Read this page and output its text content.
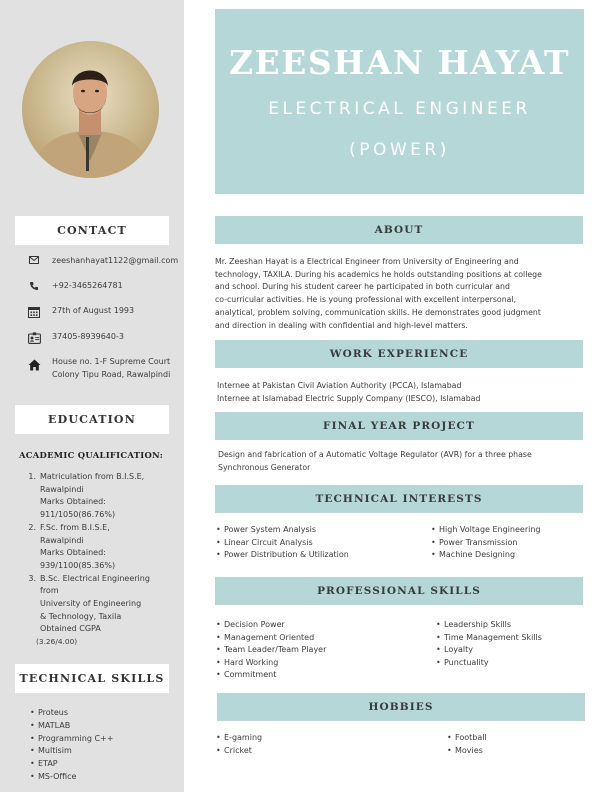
CONTACT
zeeshanhayat1122@gmail.com
+92-3465264781
27th of August 1993
37405-8939640-3
House no. 1-F Supreme Court
Colony Tipu Road, Rawalpindi
EDUCATION
ACADEMIC QUALIFICATION:
1. Matriculation from B.I.S.E,
Rawalpindi
Marks Obtained:
911/1050(86.76%)
2. F.Sc. from B.I.S.E,
Rawalpindi
Marks Obtained:
939/1100(85.36%)
3. B.Sc. Electrical Engineering
from
University of Engineering
& Technology, Taxila
Obtained CGPA
(3.26/4.00)
TECHNICAL SKILLS
• Proteus
• MATLAB
• Programming C++
• Multisim
• ETAP
• MS-Office
ZEESHAN HAYAT
ELECTRICAL ENGINEER
(POWER)
ABOUT
Mr. Zeeshan Hayat is a Electrical Engineer from University of Engineering and
technology, TAXILA. During his academics he holds outstanding positions at college
and school. During his student career he participated in both curricular and
co-curricular activities. He is young professional with excellent interpersonal,
analytical, problem solving, communication skills. He demonstrates good judgment
and direction in dealing with confidential and high-level matters.
WORK EXPERIENCE
Internee at Pakistan Civil Aviation Authority (PCCA), Islamabad
Internee at Islamabad Electric Supply Company (IESCO), Islamabad
FINAL YEAR PROJECT
Design and fabrication of a Automatic Voltage Regulator (AVR) for a three phase
Synchronous Generator
TECHNICAL INTERESTS
• Power System Analysis
• Linear Circuit Analysis
• Power Distribution & Utilization
• High Voltage Engineering
• Power Transmission
• Machine Designing
PROFESSIONAL SKILLS
• Decision Power
• Management Oriented
• Team Leader/Team Player
• Hard Working
• Commitment
• Leadership Skills
• Time Management Skills
• Loyalty
• Punctuality
HOBBIES
• E-gaming
• Cricket
• Football
• Movies
